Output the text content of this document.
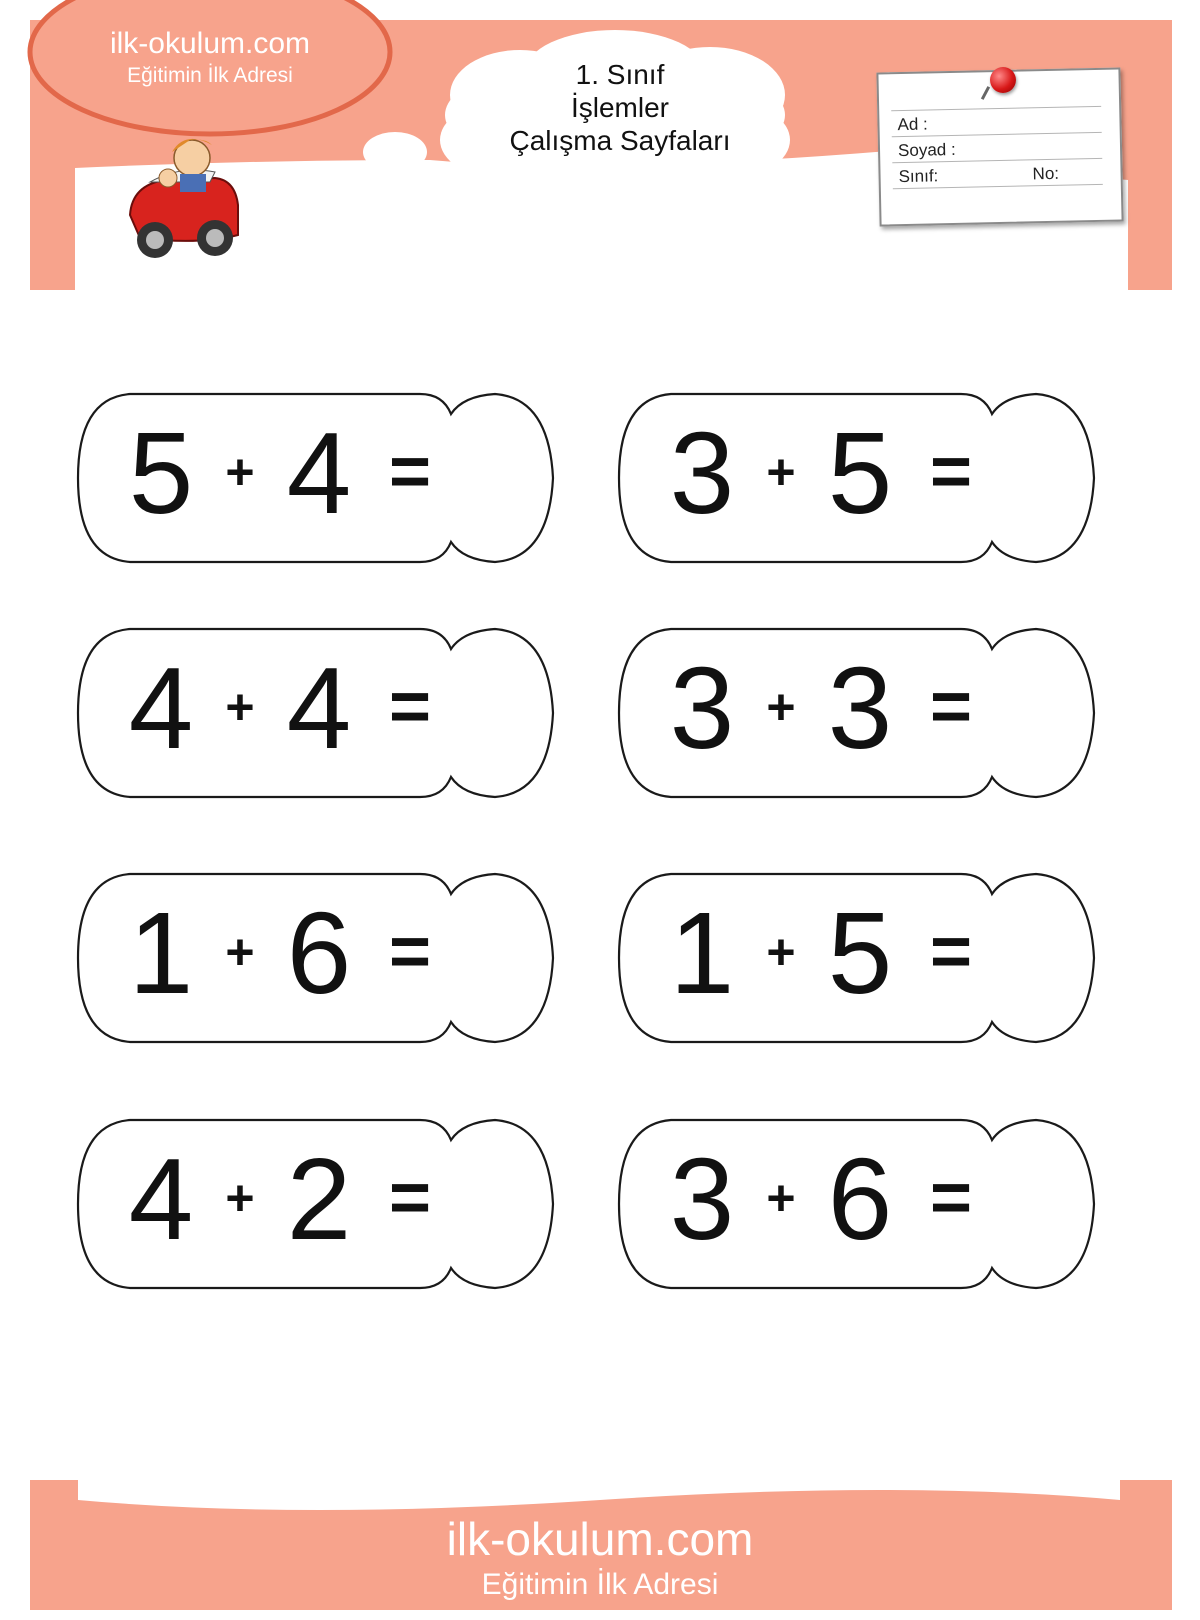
ilk-okulum.com
Eğitimin İlk Adresi	1. Sınıf
İşlemler
Çalışma Sayfaları
Ad :
Soyad :
Sınıf:	No:
5 + 4 = 3 + 5 =
4 + 4 = 3 + 3 =
1 + 6 = 1 + 5 =
4 + 2 = 3 + 6 =
ilk-okulum.com
Eğitimin İlk Adresi
